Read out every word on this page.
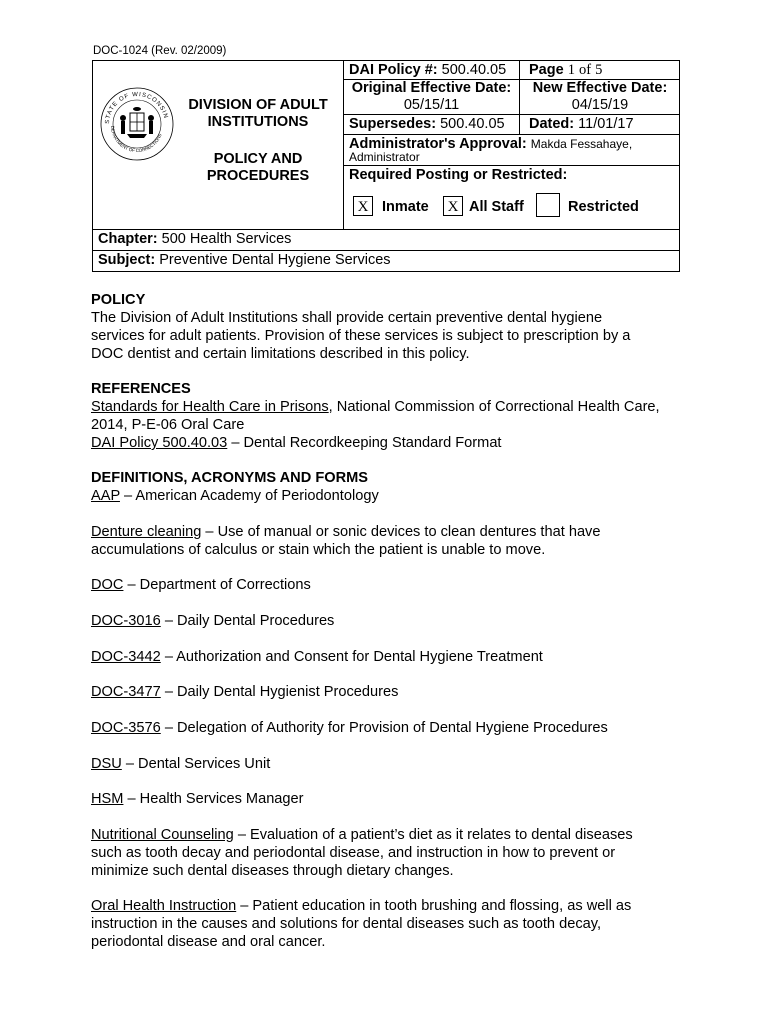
DOC-1024 (Rev. 02/2009)
STATE OF WISCONSIN
DEPARTMENT OF CORRECTIONS
DIVISION OF ADULT
INSTITUTIONS
POLICY AND
PROCEDURES
DAI Policy #: 500.40.05 Page 1 of 5
Original Effective Date:
05/15/11
New Effective Date:
04/15/19
Supersedes: 500.40.05 Dated: 11/01/17
Administrator's Approval: Makda Fessahaye,
Administrator
Required Posting or Restricted:
X Inmate	X All Staff	Restricted
Chapter: 500 Health Services
Subject: Preventive Dental Hygiene Services
POLICY
The Division of Adult Institutions shall provide certain preventive dental hygiene
services for adult patients. Provision of these services is subject to prescription by a
DOC dentist and certain limitations described in this policy.
REFERENCES
Standards for Health Care in Prisons, National Commission of Correctional Health Care,
2014, P-E-06 Oral Care
DAI Policy 500.40.03 – Dental Recordkeeping Standard Format
DEFINITIONS, ACRONYMS AND FORMS
AAP – American Academy of Periodontology
Denture cleaning – Use of manual or sonic devices to clean dentures that have
accumulations of calculus or stain which the patient is unable to move.
DOC – Department of Corrections
DOC-3016 – Daily Dental Procedures
DOC-3442 – Authorization and Consent for Dental Hygiene Treatment
DOC-3477 – Daily Dental Hygienist Procedures
DOC-3576 – Delegation of Authority for Provision of Dental Hygiene Procedures
DSU – Dental Services Unit
HSM – Health Services Manager
Nutritional Counseling – Evaluation of a patient’s diet as it relates to dental diseases
such as tooth decay and periodontal disease, and instruction in how to prevent or
minimize such dental diseases through dietary changes.
Oral Health Instruction – Patient education in tooth brushing and flossing, as well as
instruction in the causes and solutions for dental diseases such as tooth decay,
periodontal disease and oral cancer.
